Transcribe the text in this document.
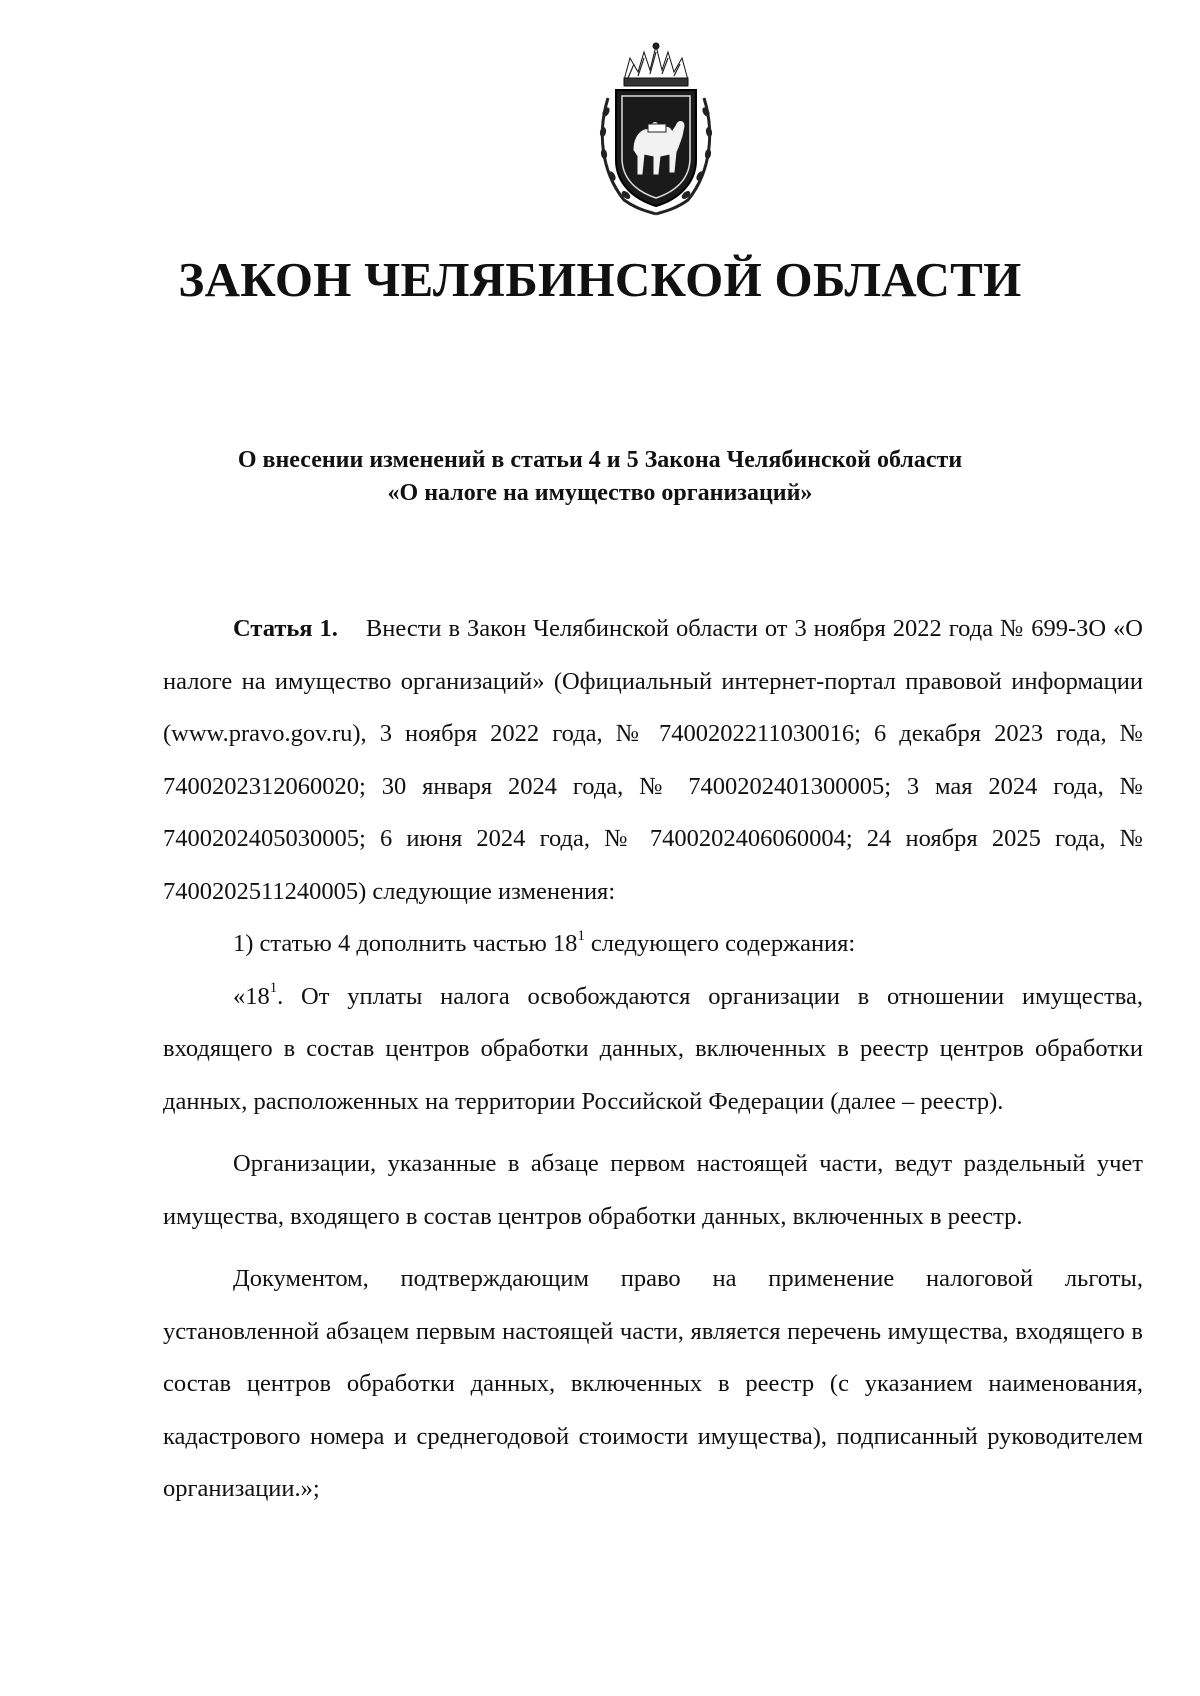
ЗАКОН ЧЕЛЯБИНСКОЙ ОБЛАСТИ
О внесении изменений в статьи 4 и 5 Закона Челябинской области
«О налоге на имущество организаций»

Статья 1. Внести в Закон Челябинской области от 3 ноября 2022 года № 699-ЗО «О налоге на имущество организаций» (Официальный интернет-портал правовой информации (www.pravo.gov.ru), 3 ноября 2022 года, № 7400202211030016; 6 декабря 2023 года, № 7400202312060020; 30 января 2024 года, № 7400202401300005; 3 мая 2024 года, № 7400202405030005; 6 июня 2024 года, № 7400202406060004; 24 ноября 2025 года, № 7400202511240005) следующие изменения:

1) статью 4 дополнить частью $18^1$ следующего содержания:

«$18^1$. От уплаты налога освобождаются организации в отношении имущества, входящего в состав центров обработки данных, включенных в реестр центров обработки данных, расположенных на территории Российской Федерации (далее – реестр).

Организации, указанные в абзаце первом настоящей части, ведут раздельный учет имущества, входящего в состав центров обработки данных, включенных в реестр.

Документом, подтверждающим право на применение налоговой льготы, установленной абзацем первым настоящей части, является перечень имущества, входящего в состав центров обработки данных, включенных в реестр (с указанием наименования, кадастрового номера и среднегодовой стоимости имущества), подписанный руководителем организации.»;
